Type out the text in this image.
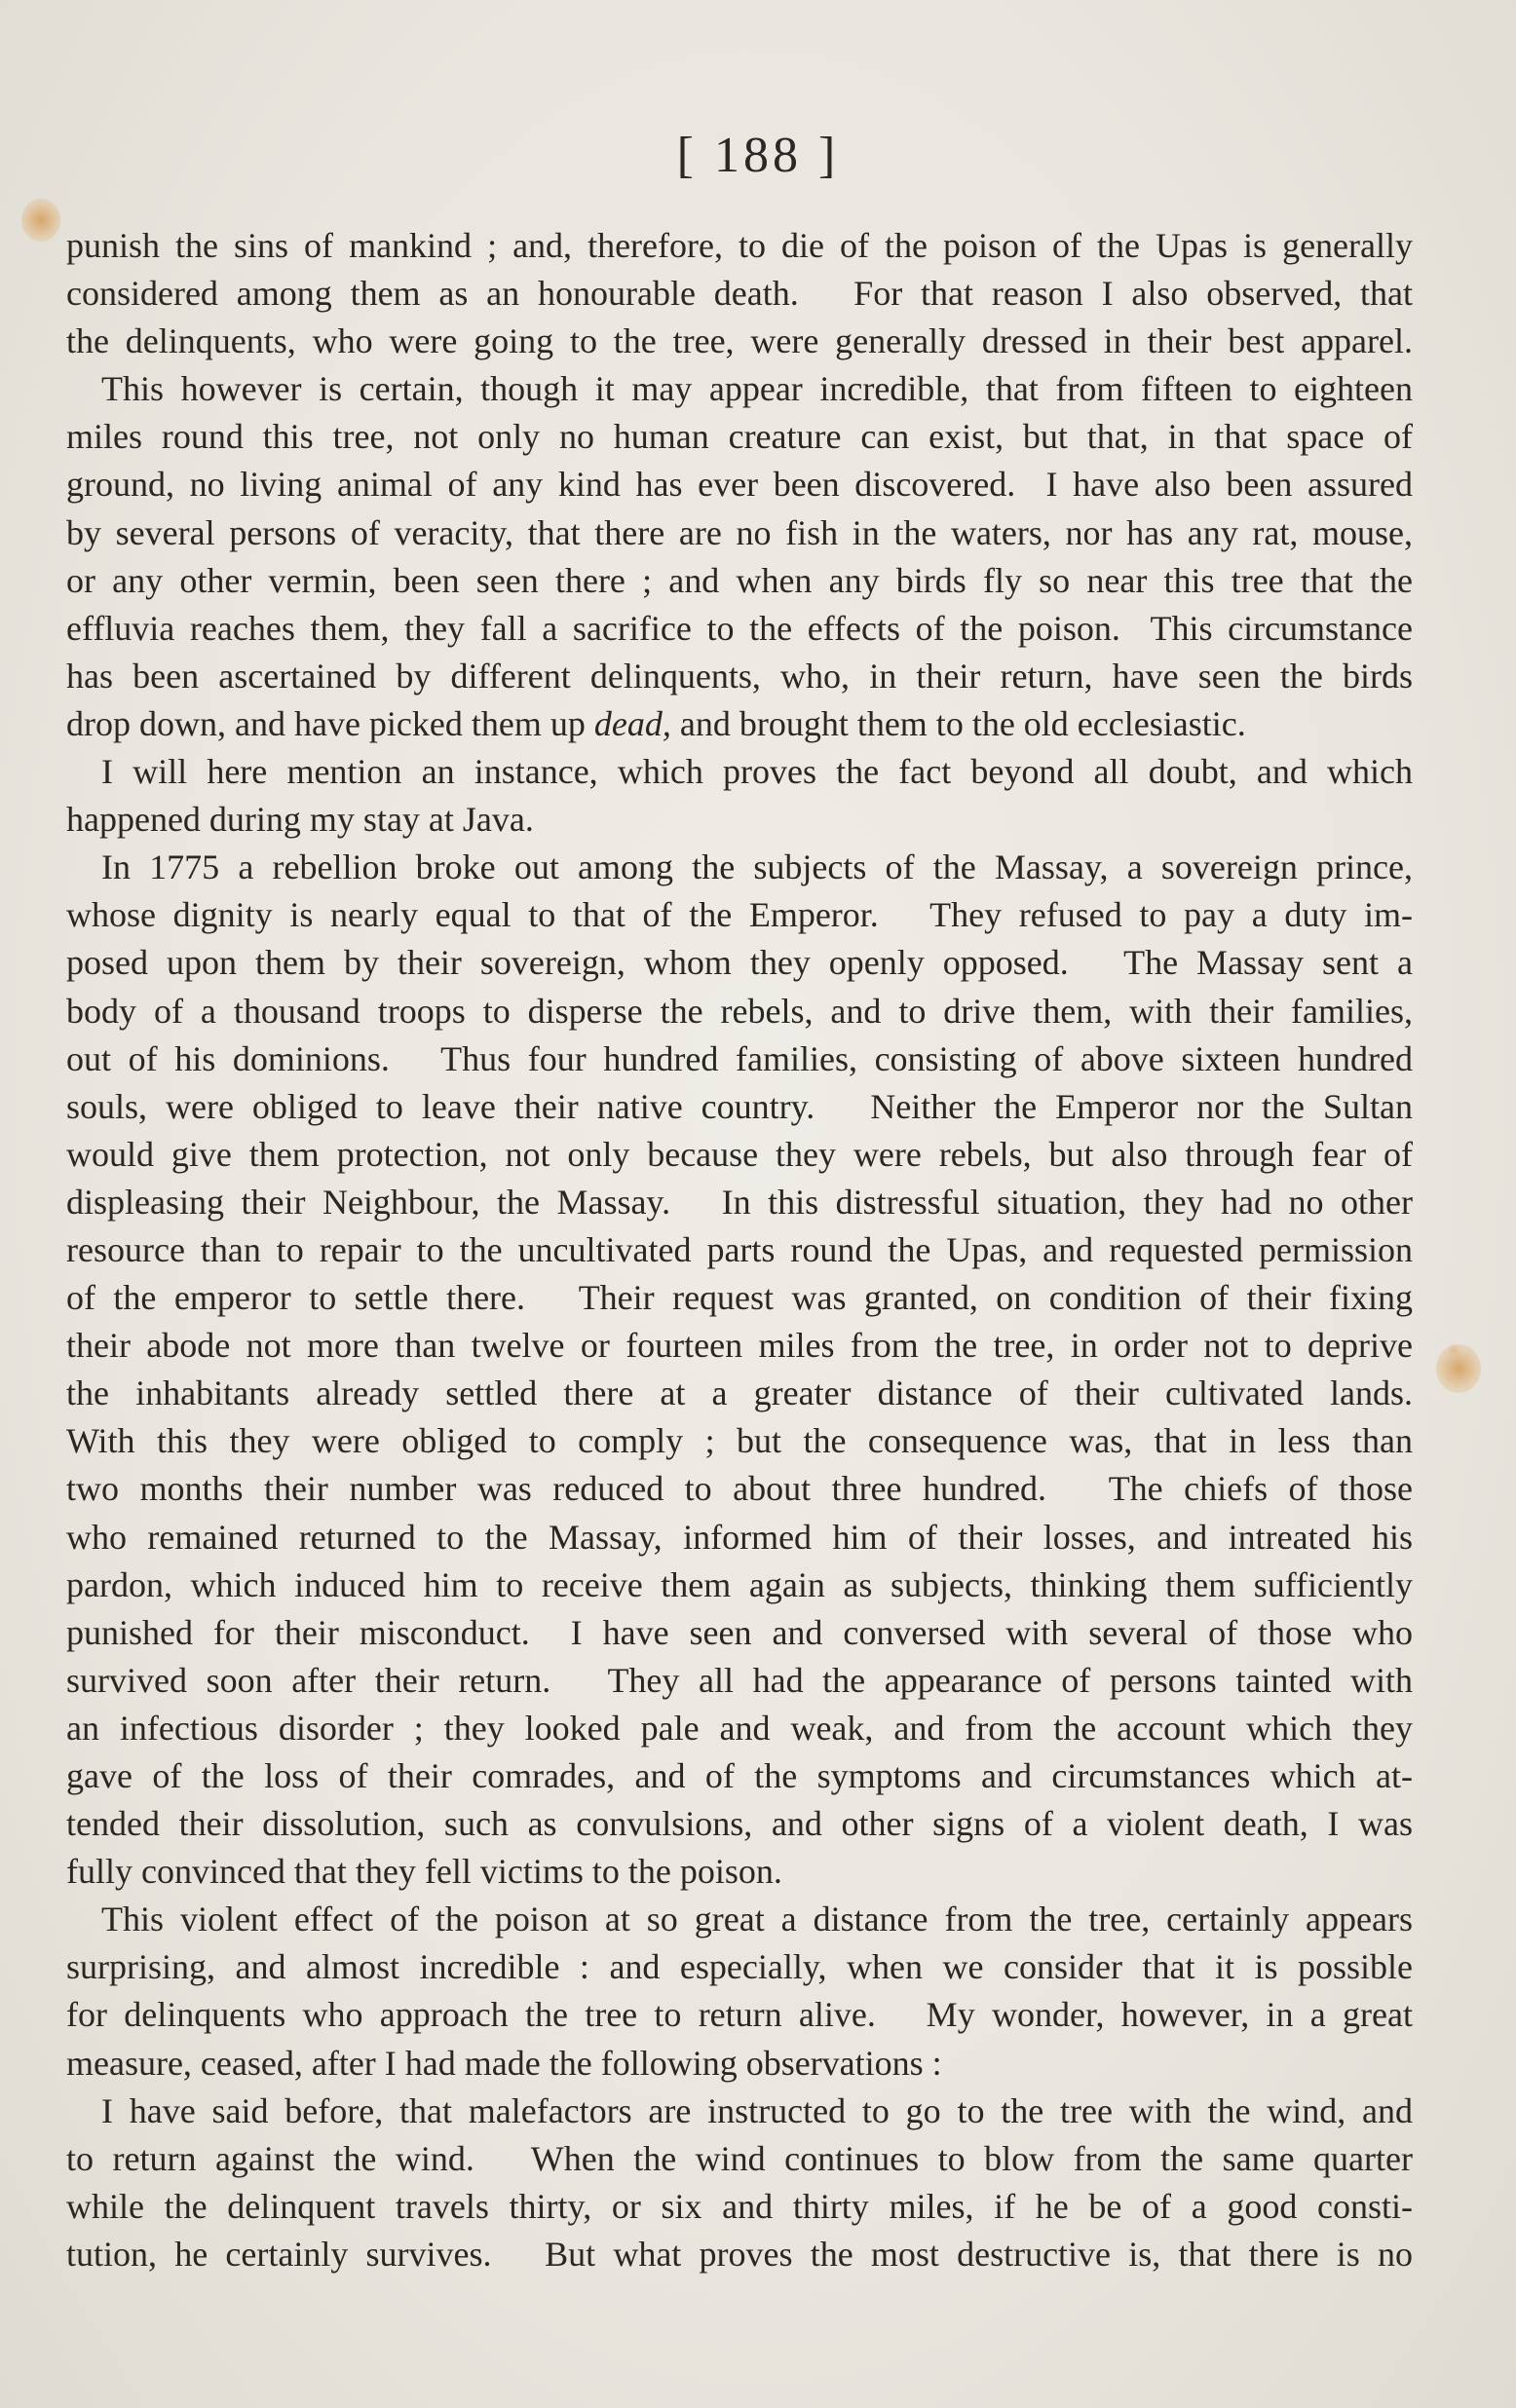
[ 188 ]
punish the sins of mankind ; and, therefore, to die of the poison of the Upas is generally
considered among them as an honourable death.   For that reason I also observed, that
the delinquents, who were going to the tree, were generally dressed in their best apparel.
This however is certain, though it may appear incredible, that from fifteen to eighteen
miles round this tree, not only no human creature can exist, but that, in that space of
ground, no living animal of any kind has ever been discovered.  I have also been assured
by several persons of veracity, that there are no fish in the waters, nor has any rat, mouse,
or any other vermin, been seen there ; and when any birds fly so near this tree that the
effluvia reaches them, they fall a sacrifice to the effects of the poison.  This circumstance
has been ascertained by different delinquents, who, in their return, have seen the birds
drop down, and have picked them up dead, and brought them to the old ecclesiastic.
I will here mention an instance, which proves the fact beyond all doubt, and which
happened during my stay at Java.
In 1775 a rebellion broke out among the subjects of the Massay, a sovereign prince,
whose dignity is nearly equal to that of the Emperor.   They refused to pay a duty im-
posed upon them by their sovereign, whom they openly opposed.   The Massay sent a
body of a thousand troops to disperse the rebels, and to drive them, with their families,
out of his dominions.   Thus four hundred families, consisting of above sixteen hundred
souls, were obliged to leave their native country.   Neither the Emperor nor the Sultan
would give them protection, not only because they were rebels, but also through fear of
displeasing their Neighbour, the Massay.   In this distressful situation, they had no other
resource than to repair to the uncultivated parts round the Upas, and requested permission
of the emperor to settle there.   Their request was granted, on condition of their fixing
their abode not more than twelve or fourteen miles from the tree, in order not to deprive
the inhabitants already settled there at a greater distance of their cultivated lands.
With this they were obliged to comply ; but the consequence was, that in less than
two months their number was reduced to about three hundred.   The chiefs of those
who remained returned to the Massay, informed him of their losses, and intreated his
pardon, which induced him to receive them again as subjects, thinking them sufficiently
punished for their misconduct.  I have seen and conversed with several of those who
survived soon after their return.   They all had the appearance of persons tainted with
an infectious disorder ; they looked pale and weak, and from the account which they
gave of the loss of their comrades, and of the symptoms and circumstances which at-
tended their dissolution, such as convulsions, and other signs of a violent death, I was
fully convinced that they fell victims to the poison.
This violent effect of the poison at so great a distance from the tree, certainly appears
surprising, and almost incredible : and especially, when we consider that it is possible
for delinquents who approach the tree to return alive.   My wonder, however, in a great
measure, ceased, after I had made the following observations :
I have said before, that malefactors are instructed to go to the tree with the wind, and
to return against the wind.   When the wind continues to blow from the same quarter
while the delinquent travels thirty, or six and thirty miles, if he be of a good consti-
tution, he certainly survives.   But what proves the most destructive is, that there is no
